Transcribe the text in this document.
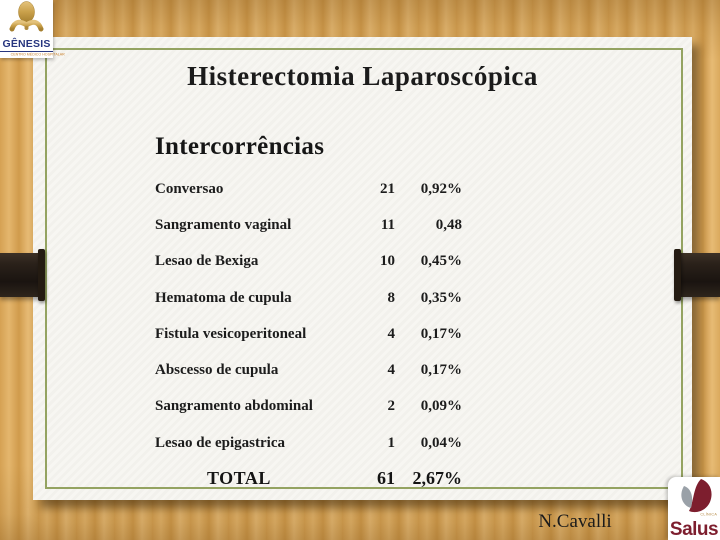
Histerectomia Laparoscópica
Intercorrências
Conversao	21	0,92%
Sangramento vaginal	11	0,48
Lesao de Bexiga	10	0,45%
Hematoma de cupula	8	0,35%
Fistula vesicoperitoneal	4	0,17%
Abscesso de cupula	4	0,17%
Sangramento abdominal	2	0,09%
Lesao de epigastrica	1	0,04%
TOTAL	61 2,67%
GÊNESIS
CENTRO MÉDICO HOSPITALAR
CLÍNICA
Salus
N.Cavalli
